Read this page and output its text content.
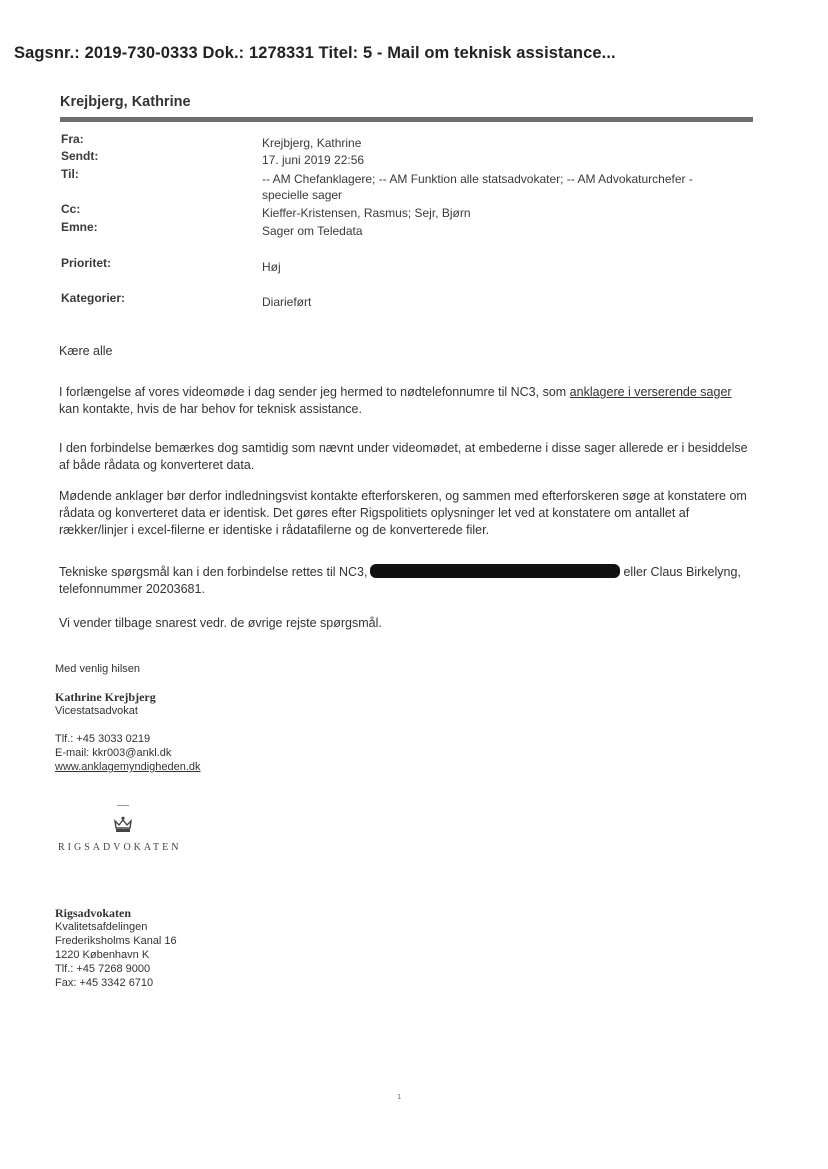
Sagsnr.: 2019-730-0333 Dok.: 1278331 Titel: 5 - Mail om teknisk assistance...
Krejbjerg, Kathrine
Fra:	Krejbjerg, Kathrine
Sendt:	17. juni 2019 22:56
Til:	-- AM Chefanklagere; -- AM Funktion alle statsadvokater; -- AM Advokaturchefer -
specielle sager
Cc:	Kieffer-Kristensen, Rasmus; Sejr, Bjørn
Emne:	Sager om Teledata
Prioritet:	Høj
Kategorier:	Diarieført
Kære alle
I forlængelse af vores videomøde i dag sender jeg hermed to nødtelefonnumre til NC3, som anklagere i verserende sager kan kontakte, hvis de har behov for teknisk assistance.
I den forbindelse bemærkes dog samtidig som nævnt under videomødet, at embederne i disse sager allerede er i besiddelse af både rådata og konverteret data.
Mødende anklager bør derfor indledningsvist kontakte efterforskeren, og sammen med efterforskeren søge at konstatere om rådata og konverteret data er identisk. Det gøres efter Rigspolitiets oplysninger let ved at konstatere om antallet af rækker/linjer i excel-filerne er identiske i rådatafilerne og de konverterede filer.
Tekniske spørgsmål kan i den forbindelse rettes til NC3,	eller Claus Birkelyng, telefonnummer 20203681.
Vi vender tilbage snarest vedr. de øvrige rejste spørgsmål.
Med venlig hilsen
Kathrine Krejbjerg
Vicestatsadvokat
Tlf.: +45 3033 0219
E-mail: kkr003@ankl.dk
www.anklagemyndigheden.dk
RIGSADVOKATEN
Rigsadvokaten
Kvalitetsafdelingen
Frederiksholms Kanal 16
1220 København K
Tlf.: +45 7268 9000
Fax: +45 3342 6710
1
